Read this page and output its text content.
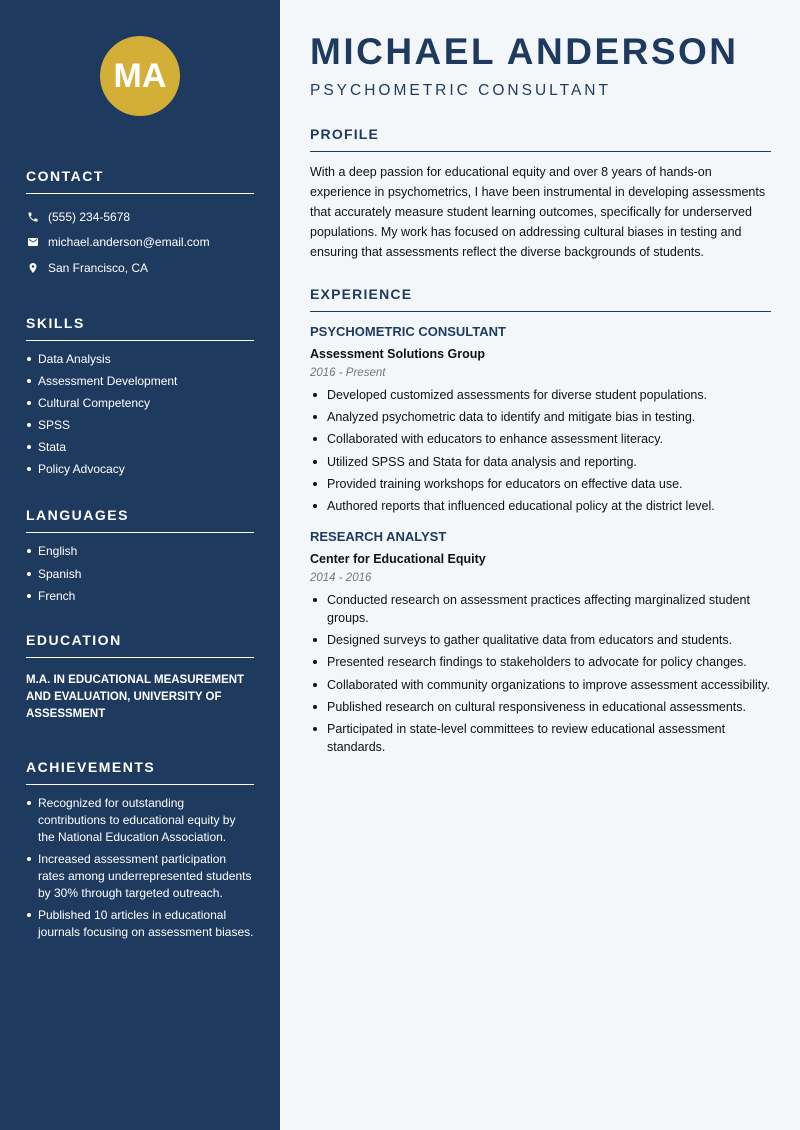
MA
CONTACT
(555) 234-5678
michael.anderson@email.com
San Francisco, CA
SKILLS
Data Analysis
Assessment Development
Cultural Competency
SPSS
Stata
Policy Advocacy
LANGUAGES
English
Spanish
French
EDUCATION

M.A. IN EDUCATIONAL MEASUREMENT AND EVALUATION, UNIVERSITY OF ASSESSMENT

ACHIEVEMENTS
Recognized for outstanding contributions to educational equity by the National Education Association.
Increased assessment participation rates among underrepresented students by 30% through targeted outreach.
Published 10 articles in educational journals focusing on assessment biases.
MICHAEL ANDERSON
PSYCHOMETRIC CONSULTANT
PROFILE

With a deep passion for educational equity and over 8 years of hands-on experience in psychometrics, I have been instrumental in developing assessments that accurately measure student learning outcomes, specifically for underserved populations. My work has focused on addressing cultural biases in testing and ensuring that assessments reflect the diverse backgrounds of students.

EXPERIENCE
PSYCHOMETRIC CONSULTANT
Assessment Solutions Group
2016 - Present
Developed customized assessments for diverse student populations.
Analyzed psychometric data to identify and mitigate bias in testing.
Collaborated with educators to enhance assessment literacy.
Utilized SPSS and Stata for data analysis and reporting.
Provided training workshops for educators on effective data use.
Authored reports that influenced educational policy at the district level.
RESEARCH ANALYST
Center for Educational Equity
2014 - 2016
Conducted research on assessment practices affecting marginalized student groups.
Designed surveys to gather qualitative data from educators and students.
Presented research findings to stakeholders to advocate for policy changes.
Collaborated with community organizations to improve assessment accessibility.
Published research on cultural responsiveness in educational assessments.
Participated in state-level committees to review educational assessment standards.
